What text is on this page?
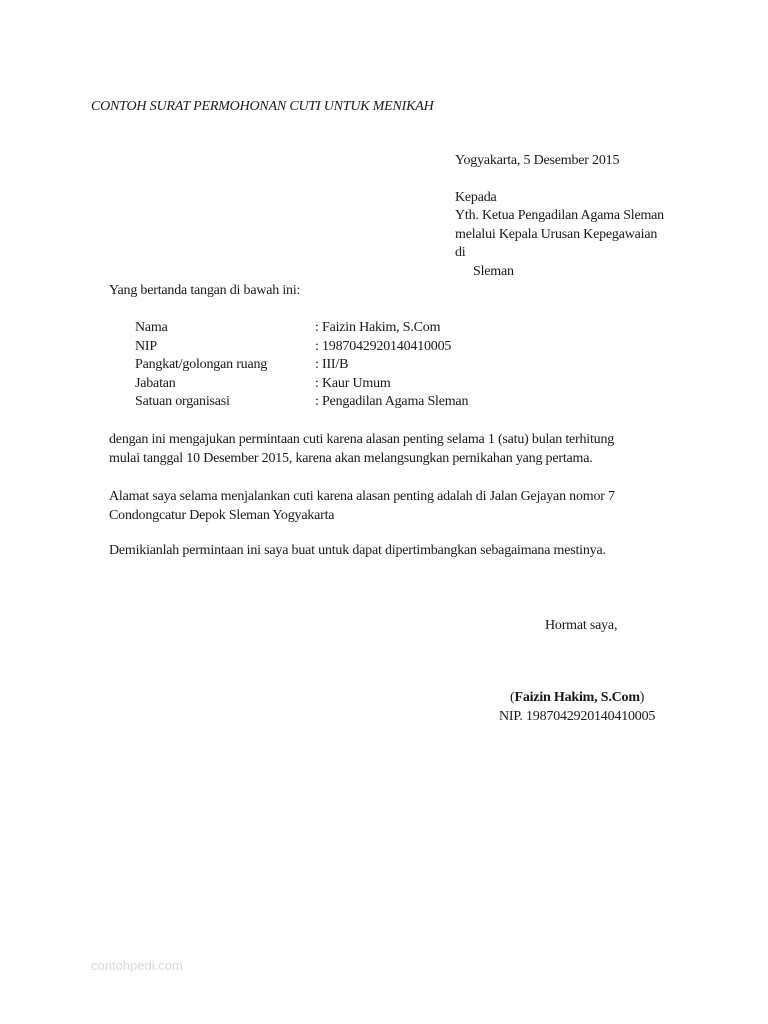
CONTOH SURAT PERMOHONAN CUTI UNTUK MENIKAH
Yogyakarta, 5 Desember 2015
Kepada
Yth. Ketua Pengadilan Agama Sleman
melalui Kepala Urusan Kepegawaian
di
Sleman
Yang bertanda tangan di bawah ini:
Nama	: Faizin Hakim, S.Com
NIP	: 198704292014041000​5
Pangkat/golongan ruang	: III/B
Jabatan	: Kaur Umum
Satuan organisasi	: Pengadilan Agama Sleman
dengan ini mengajukan permintaan cuti karena alasan penting selama 1 (satu) bulan terhitung
mulai tanggal 10 Desember 2015, karena akan melangsungkan pernikahan yang pertama.
Alamat saya selama menjalankan cuti karena alasan penting adalah di Jalan Gejayan nomor 7
Condongcatur Depok Sleman Yogyakarta
Demikianlah permintaan ini saya buat untuk dapat dipertimbangkan sebagaimana mestinya.
Hormat saya,
(Faizin Hakim, S.Com)
NIP. 198704292014041000​5
contohpedi.com
